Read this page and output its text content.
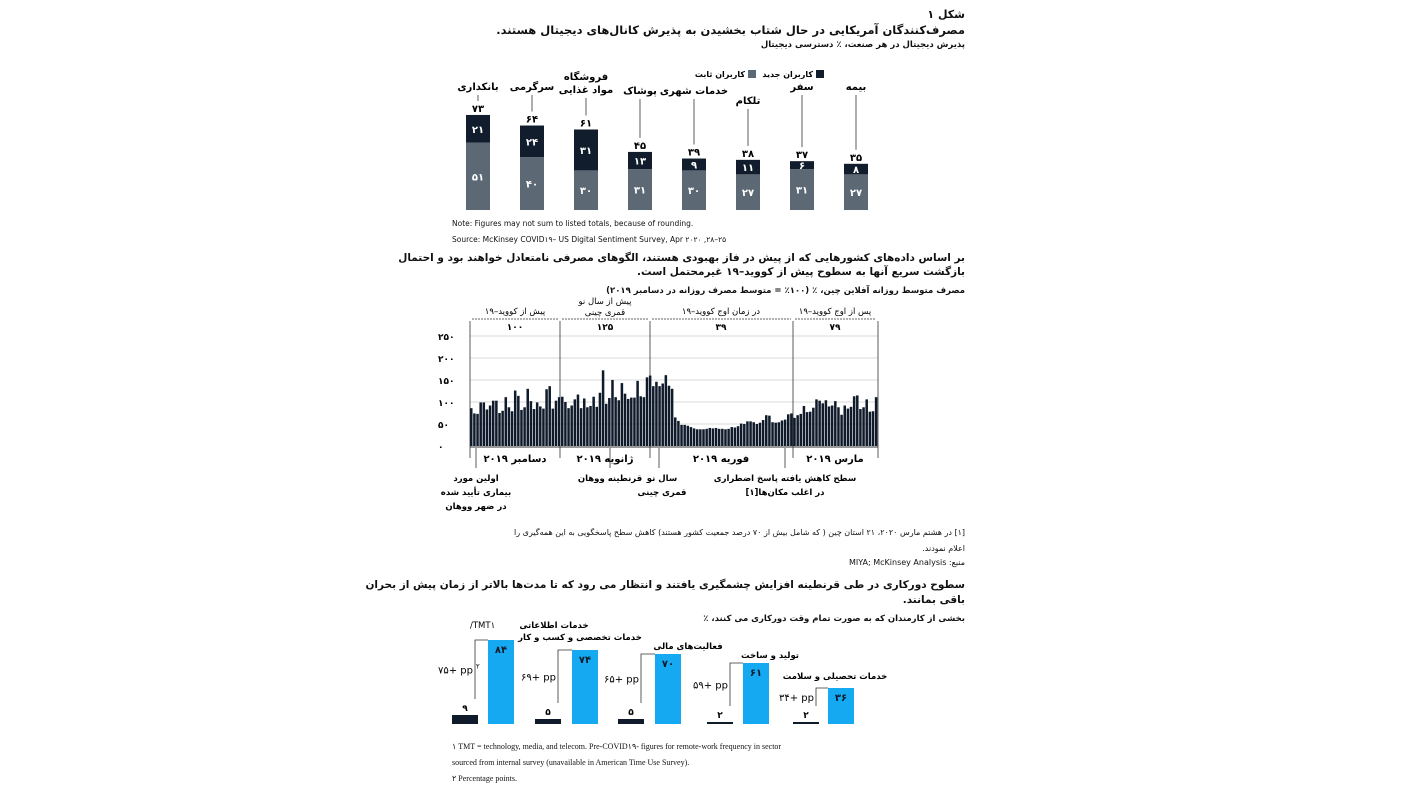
شکل ۱
مصرف‌کنندگان آمریکایی در حال شتاب بخشیدن به پذیرش کانال‌های دیجیتال هستند.
پذیرش دیجیتال در هر صنعت، ٪ دسترسی دیجیتال
کاربران جدید
کاربران ثابت
۵۱
۲۱
۷۳
بانکداری
۴۰
۲۴
۶۴
سرگرمی
۳۰
۳۱
۶۱
فروشگاه
مواد غذایی
۳۱
۱۳
۴۵
پوشاک
۳۰
۹
۳۹
خدمات شهری
۲۷
۱۱
۳۸
تلکام
۳۱
۶
۳۷
سفر
۲۷
۸
۳۵
بیمه
Note: Figures may not sum to listed totals, because of rounding.
Source: McKinsey COVID۱۹– US Digital Sentiment Survey, Apr ۲۰۲۰ ,۲۸–۲۵
بر اساس داده‌های کشورهایی که از پیش در فاز بهبودی هستند، الگوهای مصرفی نامتعادل خواهند بود و احتمال
بازگشت سریع آنها به سطوح پیش از کووید–۱۹ غیرمحتمل است.
مصرف متوسط روزانه آفلاین چین، ٪ (۱۰۰٪ = متوسط مصرف روزانه در دسامبر ۲۰۱۹)
۰
۵۰
۱۰۰
۱۵۰
۲۰۰
۲۵۰
پیش از کووید–۱۹
۱۰۰
پیش از سال نو
قمری چینی
۱۲۵
در زمان اوج کووید–۱۹
۳۹
پس از اوج کووید–۱۹
۷۹
دسامبر ۲۰۱۹	ژانویه ۲۰۱۹	فوریه ۲۰۱۹	مارس ۲۰۱۹
اولین مورد
بیماری تأیید شده
در ضهر ووهان
قرنطینه ووهان سال نو
قمری چینی
سطح کاهش یافته پاسخ اضطراری
در اغلب مکان‌ها[۱]
[۱] در هشتم مارس ۲۰۲۰، ۲۱ استان چین ( که شامل بیش از ۷۰ درصد جمعیت کشور هستند) کاهش سطح پاسخگویی به این همه‌گیری را
اعلام نمودند.
منبع: MIYA; McKinsey Analysis
سطوح دورکاری در طی قرنطینه افزایش چشمگیری یافتند و انتظار می رود که تا مدت‌ها بالاتر از زمان پیش از بحران
باقی بمانند.
بخشی از کارمندان که به صورت تمام وقت دورکاری می کنند، ٪
۹
۸۴
۷۵+ pp ۲
/TMT۱	خدمات اطلاعاتی
۵
۷۴
۶۹+ pp
خدمات تخصصی و کسب و کار
۵
۷۰
۶۵+ pp
فعالیت‌های مالی
۲
۶۱
۵۹+ pp
تولید و ساخت
۲
۳۶
۳۴+ pp
خدمات تحصیلی و سلامت
۱ TMT = technology, media, and telecom. Pre-COVID۱۹- figures for remote-work frequency in sector
sourced from internal survey (unavailable in American Time Use Survey).
۲ Percentage points.
